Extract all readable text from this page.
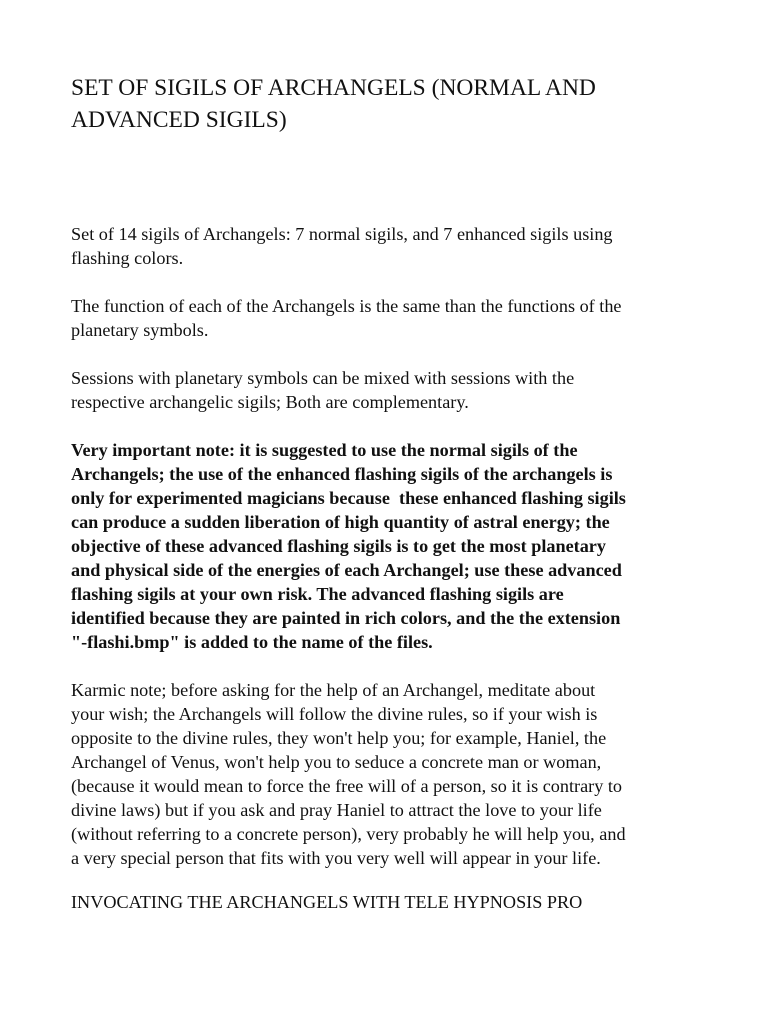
SET OF SIGILS OF ARCHANGELS (NORMAL AND
ADVANCED SIGILS)

Set of 14 sigils of Archangels: 7 normal sigils, and 7 enhanced sigils using
flashing colors.

The function of each of the Archangels is the same than the functions of the
planetary symbols.

Sessions with planetary symbols can be mixed with sessions with the
respective archangelic sigils; Both are complementary.

Very important note: it is suggested to use the normal sigils of the
Archangels; the use of the enhanced flashing sigils of the archangels is
only for experimented magicians because  these enhanced flashing sigils
can produce a sudden liberation of high quantity of astral energy; the
objective of these advanced flashing sigils is to get the most planetary
and physical side of the energies of each Archangel; use these advanced
flashing sigils at your own risk. The advanced flashing sigils are
identified because they are painted in rich colors, and the the extension
"-flashi.bmp" is added to the name of the files.

Karmic note; before asking for the help of an Archangel, meditate about
your wish; the Archangels will follow the divine rules, so if your wish is
opposite to the divine rules, they won't help you; for example, Haniel, the
Archangel of Venus, won't help you to seduce a concrete man or woman,
(because it would mean to force the free will of a person, so it is contrary to
divine laws) but if you ask and pray Haniel to attract the love to your life
(without referring to a concrete person), very probably he will help you, and
a very special person that fits with you very well will appear in your life.

INVOCATING THE ARCHANGELS WITH TELE HYPNOSIS PRO
